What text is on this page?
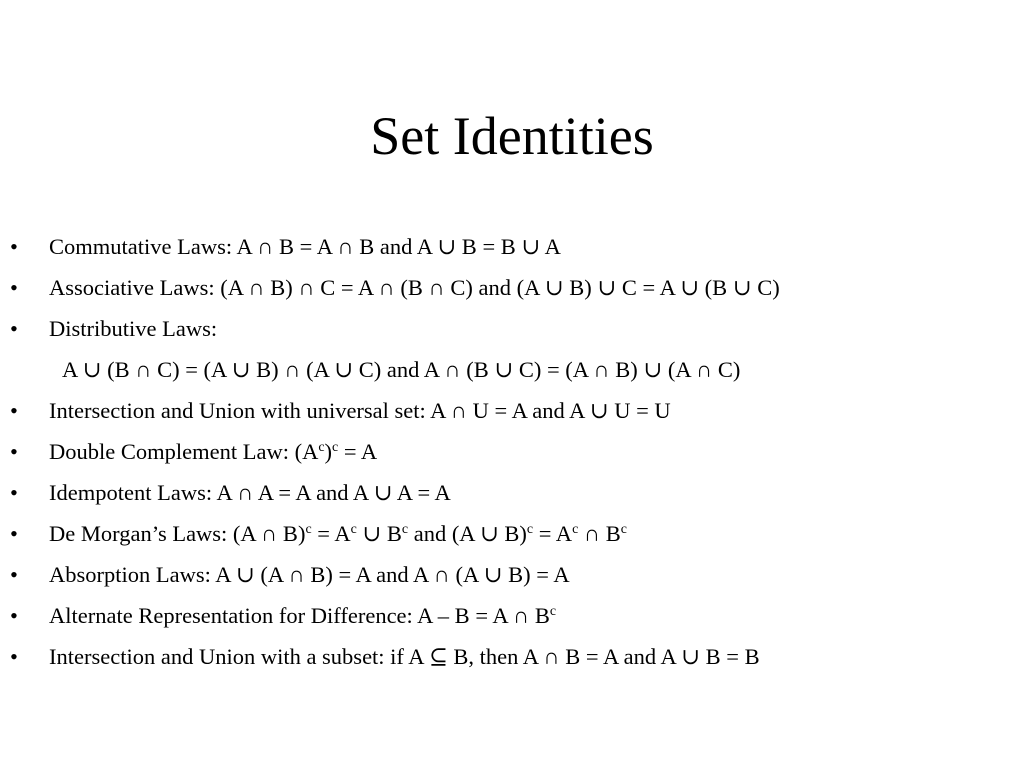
Set Identities
• Commutative Laws: A ∩ B = A ∩ B and A ∪ B = B ∪ A
• Associative Laws: (A ∩ B) ∩ C = A ∩ (B ∩ C) and (A ∪ B) ∪ C = A ∪ (B ∪ C)
• Distributive Laws:
A ∪ (B ∩ C) = (A ∪ B) ∩ (A ∪ C) and A ∩ (B ∪ C) = (A ∩ B) ∪ (A ∩ C)
• Intersection and Union with universal set: A ∩ U = A and A ∪ U = U
• Double Complement Law: $(A^c)^c = A$
• Idempotent Laws: A ∩ A = A and A ∪ A = A
• De Morgan’s Laws: (A ∩ $B)^c = A^c$ ∪ $B^c$ and (A ∪ $B)^c = A^c$ ∩ $B^c$
• Absorption Laws: A ∪ (A ∩ B) = A and A ∩ (A ∪ B) = A
• Alternate Representation for Difference: A – B = A ∩ $B^c$
• Intersection and Union with a subset: if A ⊆ B, then A ∩ B = A and A ∪ B = B
